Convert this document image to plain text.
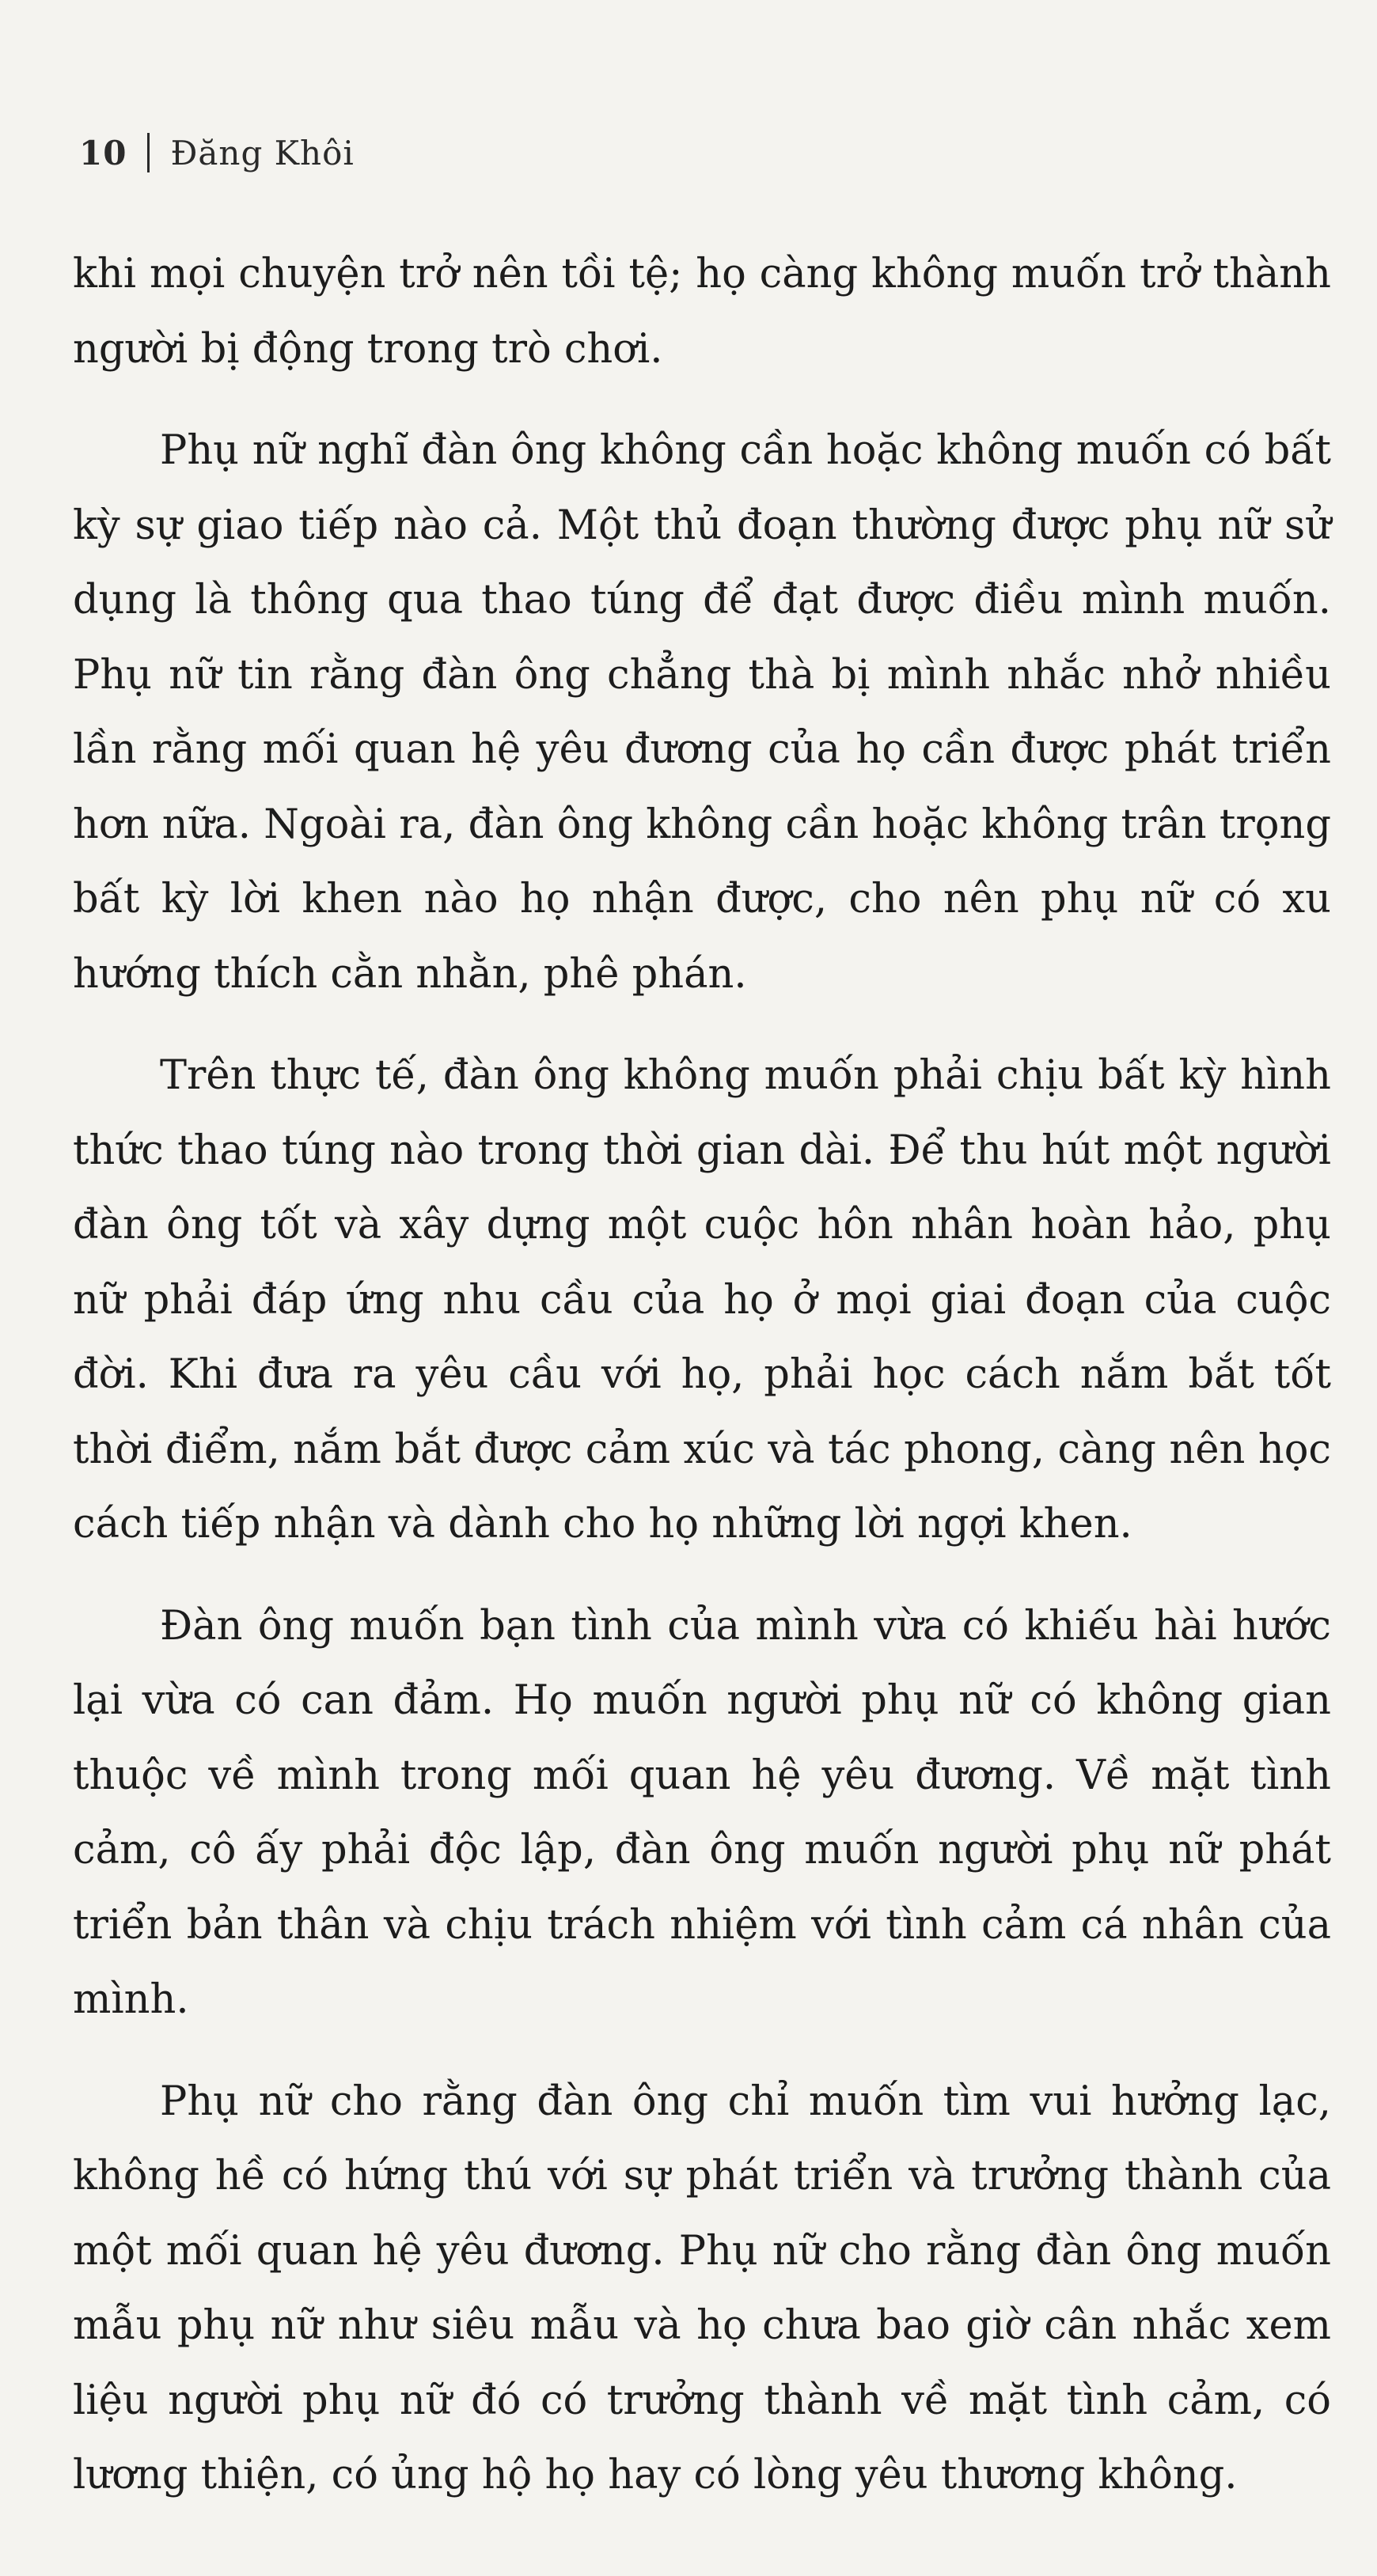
10 Đăng Khôi

khi mọi chuyện trở nên tồi tệ; họ càng không muốn trở thành người bị động trong trò chơi.

Phụ nữ nghĩ đàn ông không cần hoặc không muốn có bất kỳ sự giao tiếp nào cả. Một thủ đoạn thường được phụ nữ sử dụng là thông qua thao túng để đạt được điều mình muốn. Phụ nữ tin rằng đàn ông chẳng thà bị mình nhắc nhở nhiều lần rằng mối quan hệ yêu đương của họ cần được phát triển hơn nữa. Ngoài ra, đàn ông không cần hoặc không trân trọng bất kỳ lời khen nào họ nhận được, cho nên phụ nữ có xu hướng thích cằn nhằn, phê phán.

Trên thực tế, đàn ông không muốn phải chịu bất kỳ hình thức thao túng nào trong thời gian dài. Để thu hút một người đàn ông tốt và xây dựng một cuộc hôn nhân hoàn hảo, phụ nữ phải đáp ứng nhu cầu của họ ở mọi giai đoạn của cuộc đời. Khi đưa ra yêu cầu với họ, phải học cách nắm bắt tốt thời điểm, nắm bắt được cảm xúc và tác phong, càng nên học cách tiếp nhận và dành cho họ những lời ngợi khen.

Đàn ông muốn bạn tình của mình vừa có khiếu hài hước lại vừa có can đảm. Họ muốn người phụ nữ có không gian thuộc về mình trong mối quan hệ yêu đương. Về mặt tình cảm, cô ấy phải độc lập, đàn ông muốn người phụ nữ phát triển bản thân và chịu trách nhiệm với tình cảm cá nhân của mình.

Phụ nữ cho rằng đàn ông chỉ muốn tìm vui hưởng lạc, không hề có hứng thú với sự phát triển và trưởng thành của một mối quan hệ yêu đương. Phụ nữ cho rằng đàn ông muốn mẫu phụ nữ như siêu mẫu và họ chưa bao giờ cân nhắc xem liệu người phụ nữ đó có trưởng thành về mặt tình cảm, có lương thiện, có ủng hộ họ hay có lòng yêu thương không.
